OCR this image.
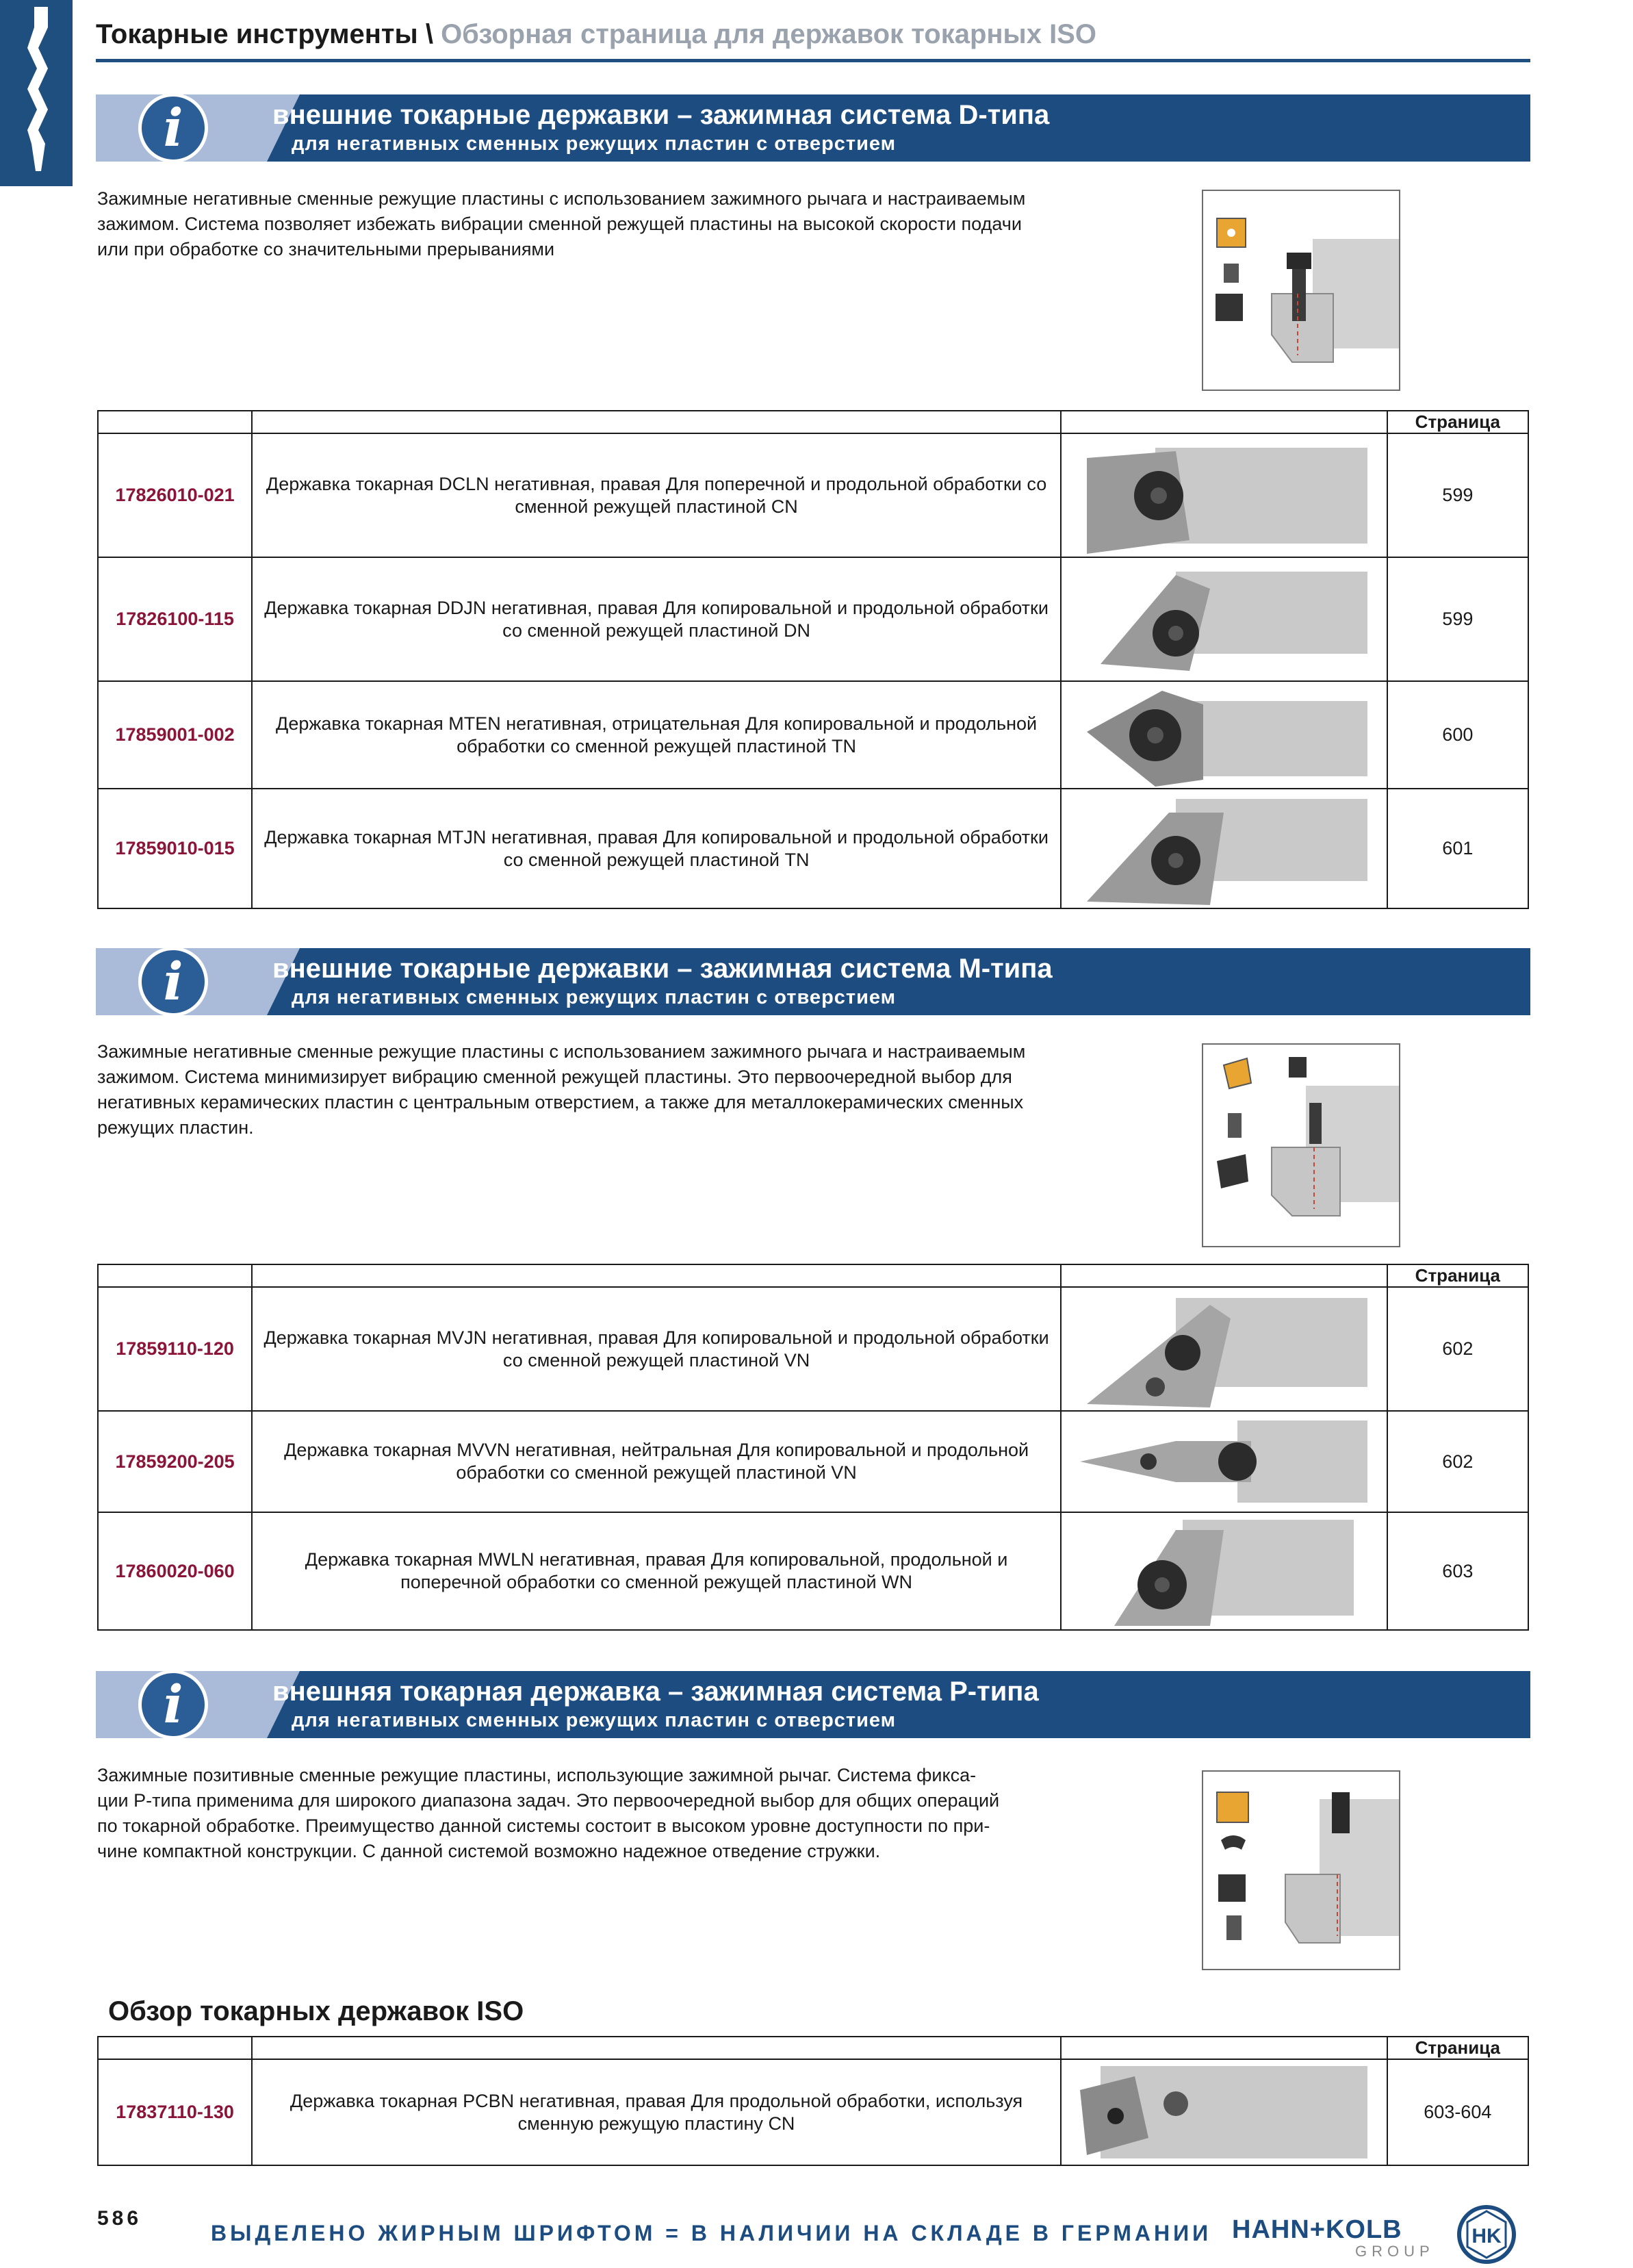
Токарные инструменты \ Обзорная страница для державок токарных ISO
i	внешние токарные державки – зажимная система D-типа
для негативных сменных режущих пластин с отверстием
Зажимные негативные сменные режущие пластины с использованием зажимного рычага и настраиваемым
зажимом. Система позволяет избежать вибрации сменной режущей пластины на высокой скорости подачи
или при обработке со значительными прерываниями
			Страница
17826010-021	Державка токарная DCLN негативная, правая Для поперечной и продольной обработки со сменной режущей пластиной CN		599
17826100-115	Державка токарная DDJN негативная, правая Для копировальной и продольной обработки со сменной режущей пластиной DN		599
17859001-002	Державка токарная MTEN негативная, отрицательная Для копировальной и продольной обработки со сменной режущей пластиной TN		600
17859010-015	Державка токарная MTJN негативная, правая Для копировальной и продольной обработки со сменной режущей пластиной TN		601
i	внешние токарные державки – зажимная система M-типа
для негативных сменных режущих пластин с отверстием
Зажимные негативные сменные режущие пластины с использованием зажимного рычага и настраиваемым
зажимом. Система минимизирует вибрацию сменной режущей пластины. Это первоочередной выбор для
негативных керамических пластин с центральным отверстием, а также для металлокерамических сменных
режущих пластин.
			Страница
17859110-120	Державка токарная MVJN негативная, правая Для копировальной и продольной обработки со сменной режущей пластиной VN		602
17859200-205	Державка токарная MVVN негативная, нейтральная Для копировальной и продольной обработки со сменной режущей пластиной VN		602
17860020-060	Державка токарная MWLN негативная, правая Для копировальной, продольной и поперечной обработки со сменной режущей пластиной WN		603
i	внешняя токарная державка – зажимная система P-типа
для негативных сменных режущих пластин с отверстием
Зажимные позитивные сменные режущие пластины, использующие зажимной рычаг. Система фикса-
ции P-типа применима для широкого диапазона задач. Это первоочередной выбор для общих операций
по токарной обработке. Преимущество данной системы состоит в высоком уровне доступности по при-
чине компактной конструкции. С данной системой возможно надежное отведение стружки.
Обзор токарных державок ISO
			Страница
17837110-130	Державка токарная PCBN негативная, правая Для продольной обработки, используя сменную режущую пластину CN		603-604
586
ВЫДЕЛЕНО ЖИРНЫМ ШРИФТОМ = В НАЛИЧИИ НА СКЛАДЕ В ГЕРМАНИИ HAHN+KOLB
GROUP
HK
